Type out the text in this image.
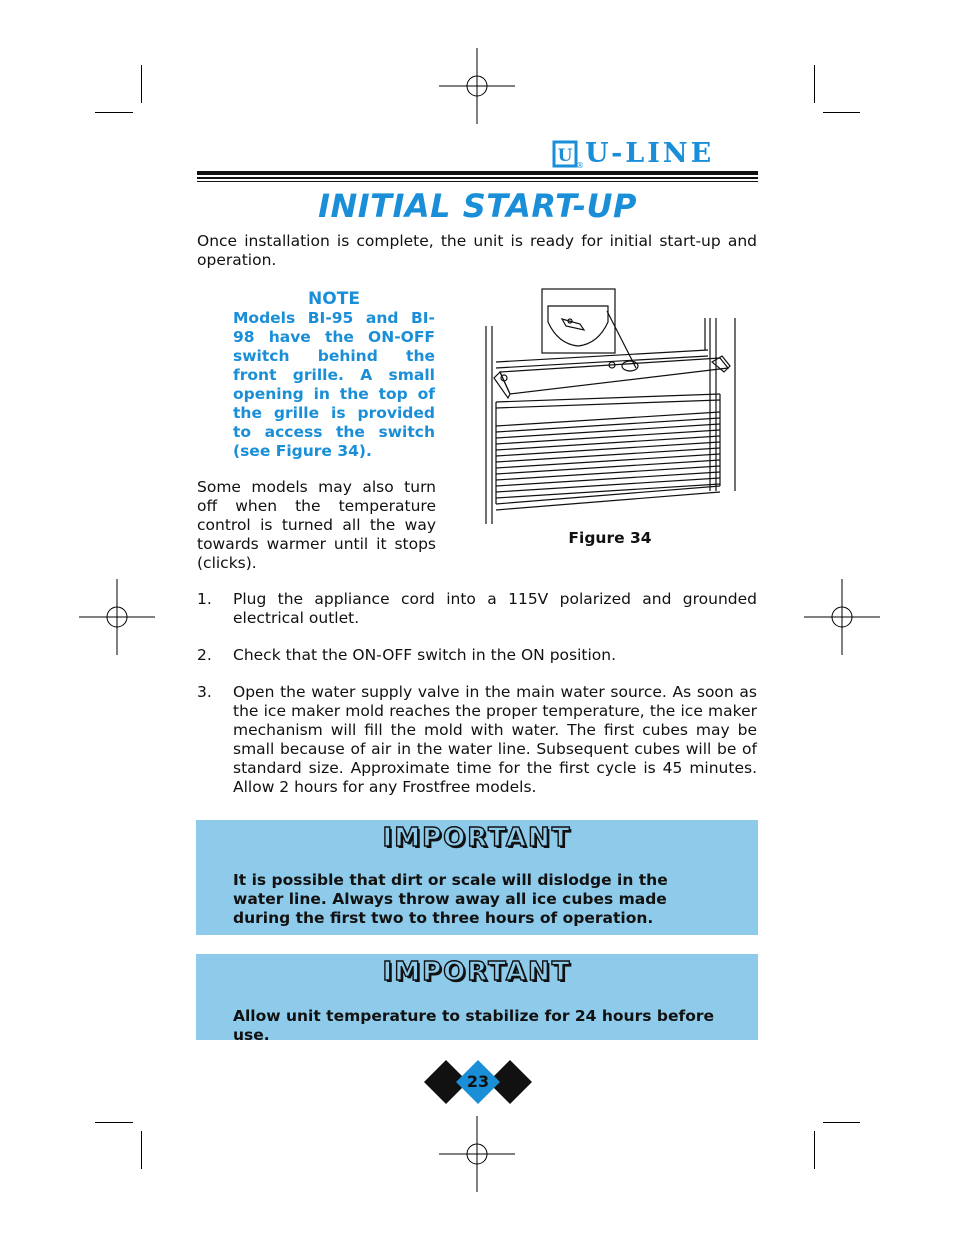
U ® U-LINE
INITIAL START-UP
Once installation is complete, the unit is ready for initial start-up and operation.
NOTE
Models BI-95 and BI-98 have the ON-OFF switch behind the front grille. A small opening in the top of the grille is provided to access the switch (see Figure 34).
Some models may also turn off when the temperature control is turned all the way towards warmer until it stops (clicks).
Figure 34
1. Plug the appliance cord into a 115V polarized and grounded electrical outlet.
2. Check that the ON-OFF switch in the ON position.
3. Open the water supply valve in the main water source. As soon as the ice maker mold reaches the proper temperature, the ice maker mechanism will fill the mold with water. The first cubes may be small because of air in the water line. Subsequent cubes will be of standard size. Approximate time for the first cycle is 45 minutes. Allow 2 hours for any Frostfree models.
IMPORTANT
It is possible that dirt or scale will dislodge in the water line. Always throw away all ice cubes made during the first two to three hours of operation.
IMPORTANT
Allow unit temperature to stabilize for 24 hours before use.
23
